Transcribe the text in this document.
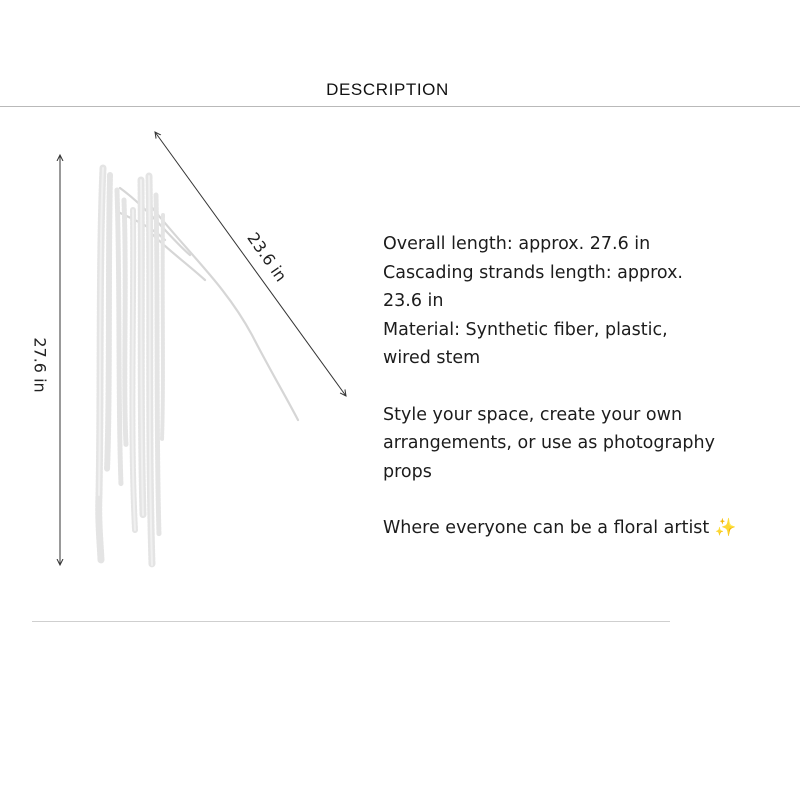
DESCRIPTION
27.6 in
23.6 in	Overall length: approx. 27.6 in

Cascading strands length: approx.

23.6 in

Material: Synthetic fiber, plastic,

wired stem

Style your space, create your own

arrangements, or use as photography

props

Where everyone can be a floral artist ✨
